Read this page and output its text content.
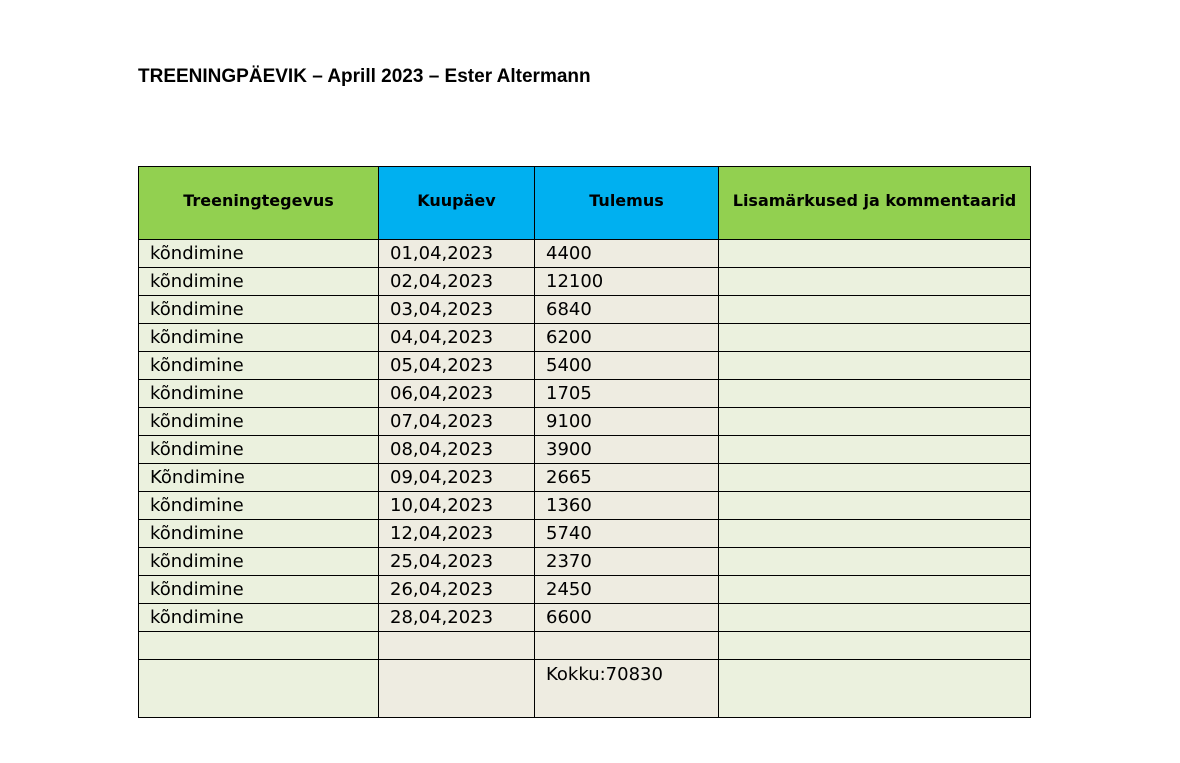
TREENINGPÄEVIK – Aprill 2023 – Ester Altermann
Treeningtegevus	Kuupäev	Tulemus	Lisamärkused ja kommentaarid
kõndimine	01,04,2023	4400	
kõndimine	02,04,2023	12100	
kõndimine	03,04,2023	6840	
kõndimine	04,04,2023	6200	
kõndimine	05,04,2023	5400	
kõndimine	06,04,2023	1705	
kõndimine	07,04,2023	9100	
kõndimine	08,04,2023	3900	
Kõndimine	09,04,2023	2665	
kõndimine	10,04,2023	1360	
kõndimine	12,04,2023	5740	
kõndimine	25,04,2023	2370	
kõndimine	26,04,2023	2450	
kõndimine	28,04,2023	6600	

		Kokku:70830	
